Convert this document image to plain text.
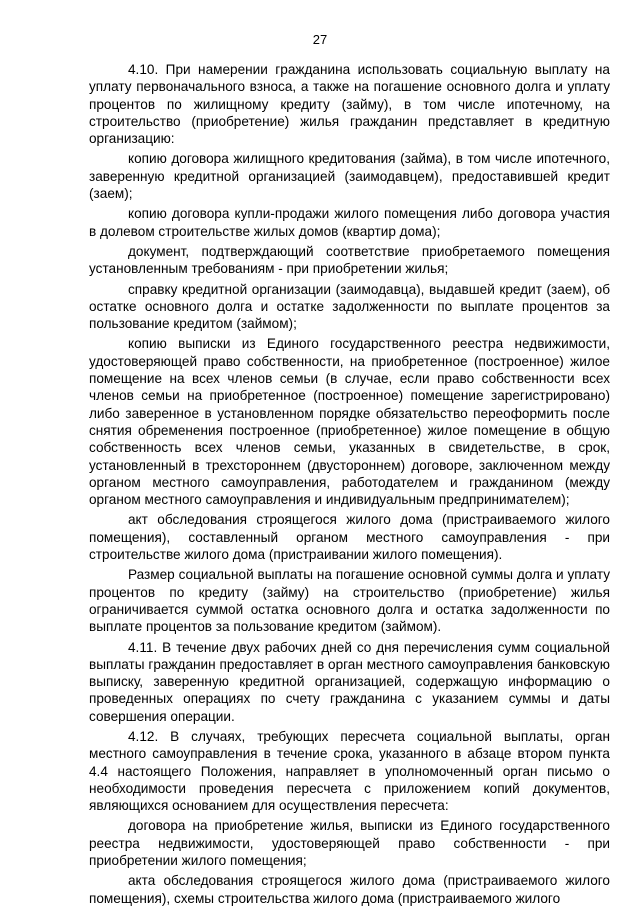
27

4.10. При намерении гражданина использовать социальную выплату на уплату первоначального взноса, а также на погашение основного долга и уплату процентов по жилищному кредиту (займу), в том числе ипотечному, на строительство (приобретение) жилья гражданин представляет в кредитную организацию:

копию договора жилищного кредитования (займа), в том числе ипотечного, заверенную кредитной организацией (заимодавцем), предоставившей кредит (заем);

копию договора купли-продажи жилого помещения либо договора участия в долевом строительстве жилых домов (квартир дома);

документ, подтверждающий соответствие приобретаемого помещения установленным требованиям - при приобретении жилья;

справку кредитной организации (заимодавца), выдавшей кредит (заем), об остатке основного долга и остатке задолженности по выплате процентов за пользование кредитом (займом);

копию выписки из Единого государственного реестра недвижимости, удостоверяющей право собственности, на приобретенное (построенное) жилое помещение на всех членов семьи (в случае, если право собственности всех членов семьи на приобретенное (построенное) помещение зарегистрировано) либо заверенное в установленном порядке обязательство переоформить после снятия обременения построенное (приобретенное) жилое помещение в общую собственность всех членов семьи, указанных в свидетельстве, в срок, установленный в трехстороннем (двустороннем) договоре, заключенном между органом местного самоуправления, работодателем и гражданином (между органом местного самоуправления и индивидуальным предпринимателем);

акт обследования строящегося жилого дома (пристраиваемого жилого помещения), составленный органом местного самоуправления - при строительстве жилого дома (пристраивании жилого помещения).

Размер социальной выплаты на погашение основной суммы долга и уплату процентов по кредиту (займу) на строительство (приобретение) жилья ограничивается суммой остатка основного долга и остатка задолженности по выплате процентов за пользование кредитом (займом).

4.11. В течение двух рабочих дней со дня перечисления сумм социальной выплаты гражданин предоставляет в орган местного самоуправления банковскую выписку, заверенную кредитной организацией, содержащую информацию о проведенных операциях по счету гражданина с указанием суммы и даты совершения операции.

4.12. В случаях, требующих пересчета социальной выплаты, орган местного самоуправления в течение срока, указанного в абзаце втором пункта 4.4 настоящего Положения, направляет в уполномоченный орган письмо о необходимости проведения пересчета с приложением копий документов, являющихся основанием для осуществления пересчета:

договора на приобретение жилья, выписки из Единого государственного реестра недвижимости, удостоверяющей право собственности - при приобретении жилого помещения;

акта обследования строящегося жилого дома (пристраиваемого жилого помещения), схемы строительства жилого дома (пристраиваемого жилого
